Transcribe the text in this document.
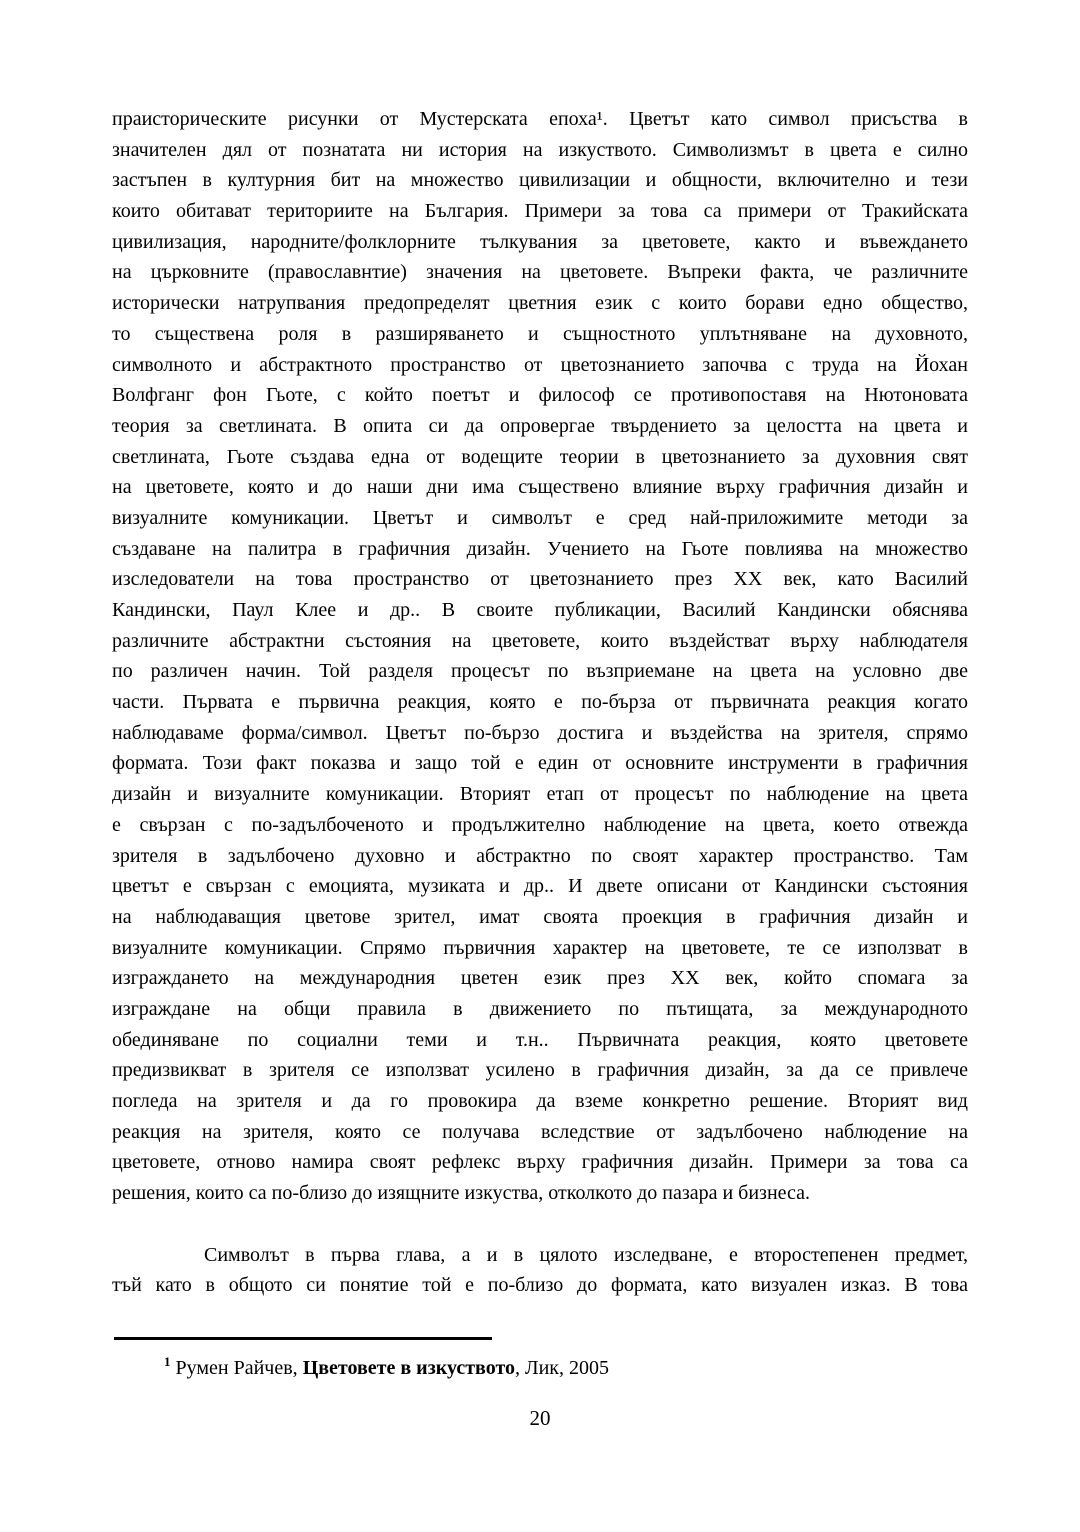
праисторическите рисунки от Мустерската епоха¹. Цветът като символ присъства в
значителен дял от познатата ни история на изкуството. Символизмът в цвета е силно
застъпен в културния бит на множество цивилизации и общности, включително и тези
които обитават териториите на България. Примери за това са примери от Тракийската
цивилизация, народните/фолклорните тълкувания за цветовете, както и въвеждането
на църковните (православнтие) значения на цветовете. Въпреки факта, че различните
исторически натрупвания предопределят цветния език с които борави едно общество,
то съществена роля в разширяването и същностното уплътняване на духовното,
символното и абстрактното пространство от цветознанието започва с труда на Йохан
Волфганг фон Гьоте, с който поетът и философ се противопоставя на Нютоновата
теория за светлината. В опита си да опровергае твърдението за целостта на цвета и
светлината, Гьоте създава една от водещите теории в цветознанието за духовния свят
на цветовете, която и до наши дни има съществено влияние върху графичния дизайн и
визуалните комуникации. Цветът и символът е сред най-приложимите методи за
създаване на палитра в графичния дизайн. Учението на Гьоте повлиява на множество
изследователи на това пространство от цветознанието през XX век, като Василий
Кандински, Паул Клее и др.. В своите публикации, Василий Кандински обяснява
различните абстрактни състояния на цветовете, които въздействат върху наблюдателя
по различен начин. Той разделя процесът по възприемане на цвета на условно две
части. Първата е първична реакция, която е по-бърза от първичната реакция когато
наблюдаваме форма/символ. Цветът по-бързо достига и въздейства на зрителя, спрямо
формата. Този факт показва и защо той е един от основните инструменти в графичния
дизайн и визуалните комуникации. Вторият етап от процесът по наблюдение на цвета
е свързан с по-задълбоченото и продължително наблюдение на цвета, което отвежда
зрителя в задълбочено духовно и абстрактно по своят характер пространство. Там
цветът е свързан с емоцията, музиката и др.. И двете описани от Кандински състояния
на наблюдаващия цветове зрител, имат своята проекция в графичния дизайн и
визуалните комуникации. Спрямо първичния характер на цветовете, те се използват в
изграждането на международния цветен език през XX век, който спомага за
изграждане на общи правила в движението по пътищата, за международното
обединяване по социални теми и т.н.. Първичната реакция, която цветовете
предизвикват в зрителя се използват усилено в графичния дизайн, за да се привлече
погледа на зрителя и да го провокира да вземе конкретно решение. Вторият вид
реакция на зрителя, която се получава вследствие от задълбочено наблюдение на
цветовете, отново намира своят рефлекс върху графичния дизайн. Примери за това са
решения, които са по-близо до изящните изкуства, отколкото до пазара и бизнеса.
Символът в първа глава, а и в цялото изследване, е второстепенен предмет,
тъй като в общото си понятие той е по-близо до формата, като визуален изказ. В това

$^1$ Румен Райчев, Цветовете в изкуството, Лик, 2005

20
